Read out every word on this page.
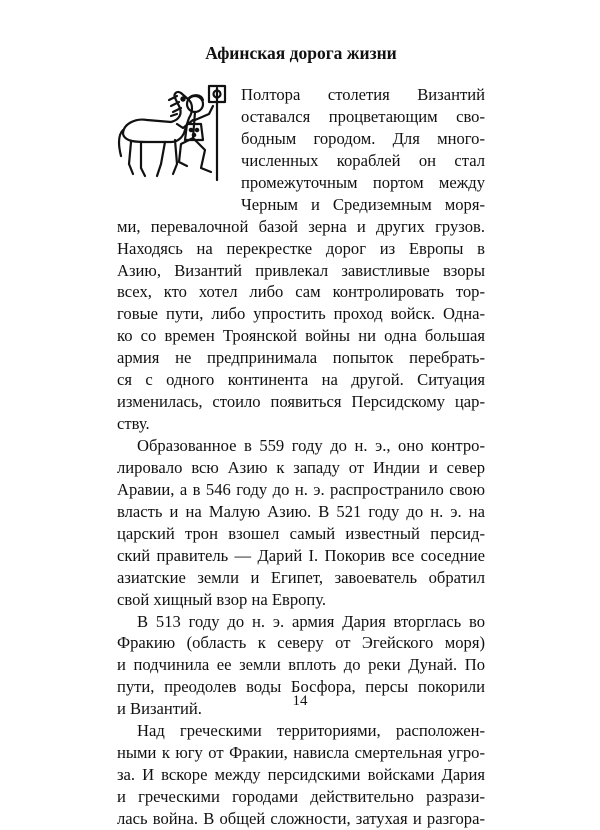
Афинская дорога жизни
Полтора столетия Византий
оставался процветающим сво-
бодным городом. Для много-
численных кораблей он стал
промежуточным портом между
Черным и Средиземным моря-
ми, перевалочной базой зерна и других грузов.
Находясь на перекрестке дорог из Европы в
Азию, Византий привлекал завистливые взоры
всех, кто хотел либо сам контролировать тор-
говые пути, либо упростить проход войск. Одна-
ко со времен Троянской войны ни одна большая
армия не предпринимала попыток перебрать-
ся с одного континента на другой. Ситуация
изменилась, стоило появиться Персидскому цар-
ству.
Образованное в 559 году до н. э., оно контро-
лировало всю Азию к западу от Индии и север
Аравии, а в 546 году до н. э. распространило свою
власть и на Малую Азию. В 521 году до н. э. на
царский трон взошел самый известный персид-
ский правитель — Дарий I. Покорив все соседние
азиатские земли и Египет, завоеватель обратил
свой хищный взор на Европу.
В 513 году до н. э. армия Дария вторглась во
Фракию (область к северу от Эгейского моря)
и подчинила ее земли вплоть до реки Дунай. По
пути, преодолев воды Босфора, персы покорили
и Византий.
Над греческими территориями, расположен-
ными к югу от Фракии, нависла смертельная угро-
за. И вскоре между персидскими войсками Дария
и греческими городами действительно разрази-
лась война. В общей сложности, затухая и разгора-
14
